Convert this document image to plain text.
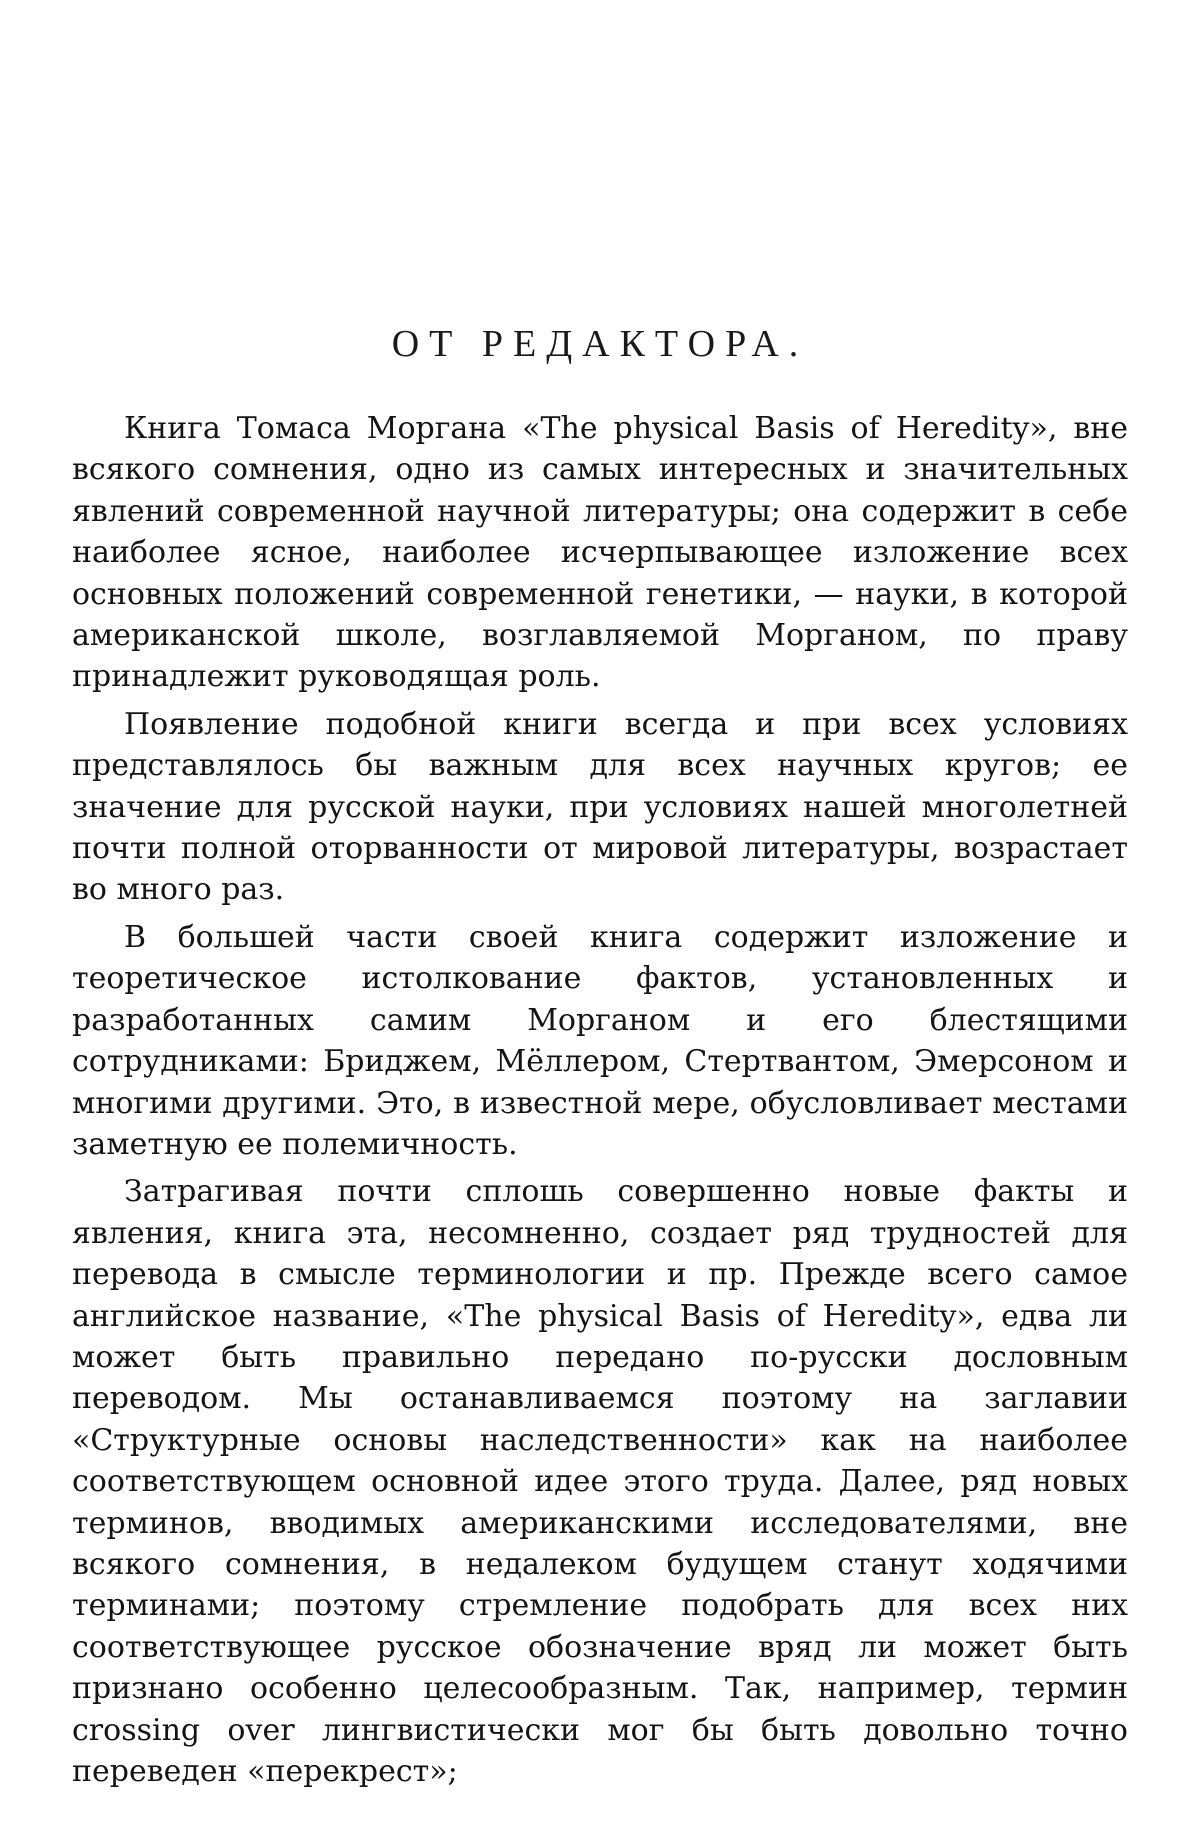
ОТ РЕДАКТОРА.

Книга Томаса Моргана «The physical Basis of Heredity», вне всякого сомнения, одно из самых интересных и значительных явлений современной научной литературы; она содержит в себе наиболее ясное, наиболее исчерпывающее изложение всех основных положений современной генетики, — науки, в которой американской школе, возглавляемой Морганом, по праву принадлежит руководящая роль.

Появление подобной книги всегда и при всех условиях представлялось бы важным для всех научных кругов; ее значение для русской науки, при условиях нашей многолетней почти полной оторванности от мировой литературы, возрастает во много раз.

В большей части своей книга содержит изложение и теоретическое истолкование фактов, установленных и разработанных самим Морганом и его блестящими сотрудниками: Бриджем, Мёллером, Стертвантом, Эмерсоном и многими другими. Это, в известной мере, обусловливает местами заметную ее полемичность.

Затрагивая почти сплошь совершенно новые факты и явления, книга эта, несомненно, создает ряд трудностей для перевода в смысле терминологии и пр. Прежде всего самое английское название, «The physical Basis of Heredity», едва ли может быть правильно передано по-русски дословным переводом. Мы останавливаемся поэтому на заглавии «Структурные основы наследственности» как на наиболее соответствующем основной идее этого труда. Далее, ряд новых терминов, вводимых американскими исследователями, вне всякого сомнения, в недалеком будущем станут ходячими терминами; поэтому стремление подобрать для всех них соответствующее русское обозначение вряд ли может быть признано особенно целесообразным. Так, например, термин crossing over лингвистически мог бы быть довольно точно переведен «перекрест»;
